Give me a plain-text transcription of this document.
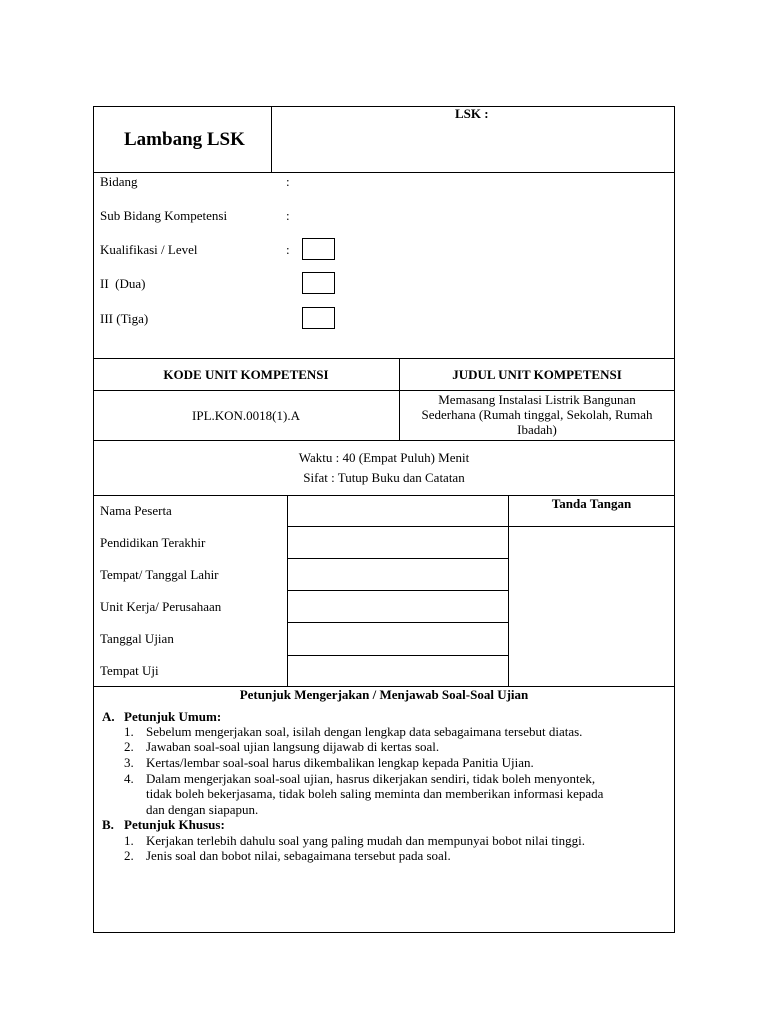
Lambang LSK
LSK :
Bidang	:
Sub Bidang Kompetensi	:
Kualifikasi / Level	:
II  (Dua)
III (Tiga)
KODE UNIT KOMPETENSI	JUDUL UNIT KOMPETENSI
IPL.KON.0018(1).A
Memasang Instalasi Listrik Bangunan
Sederhana (Rumah tinggal, Sekolah, Rumah
Ibadah)
Waktu : 40 (Empat Puluh) Menit
Sifat : Tutup Buku dan Catatan
Tanda Tangan
Nama Peserta
Pendidikan Terakhir
Tempat/ Tanggal Lahir
Unit Kerja/ Perusahaan
Tanggal Ujian
Tempat Uji
Petunjuk Mengerjakan / Menjawab Soal-Soal Ujian
A. Petunjuk Umum:
1. Sebelum mengerjakan soal, isilah dengan lengkap data sebagaimana tersebut diatas.
2. Jawaban soal-soal ujian langsung dijawab di kertas soal.
3. Kertas/lembar soal-soal harus dikembalikan lengkap kepada Panitia Ujian.
4. Dalam mengerjakan soal-soal ujian, hasrus dikerjakan sendiri, tidak boleh menyontek,
tidak boleh bekerjasama, tidak boleh saling meminta dan memberikan informasi kepada
dan dengan siapapun.
B. Petunjuk Khusus:
1. Kerjakan terlebih dahulu soal yang paling mudah dan mempunyai bobot nilai tinggi.
2. Jenis soal dan bobot nilai, sebagaimana tersebut pada soal.
